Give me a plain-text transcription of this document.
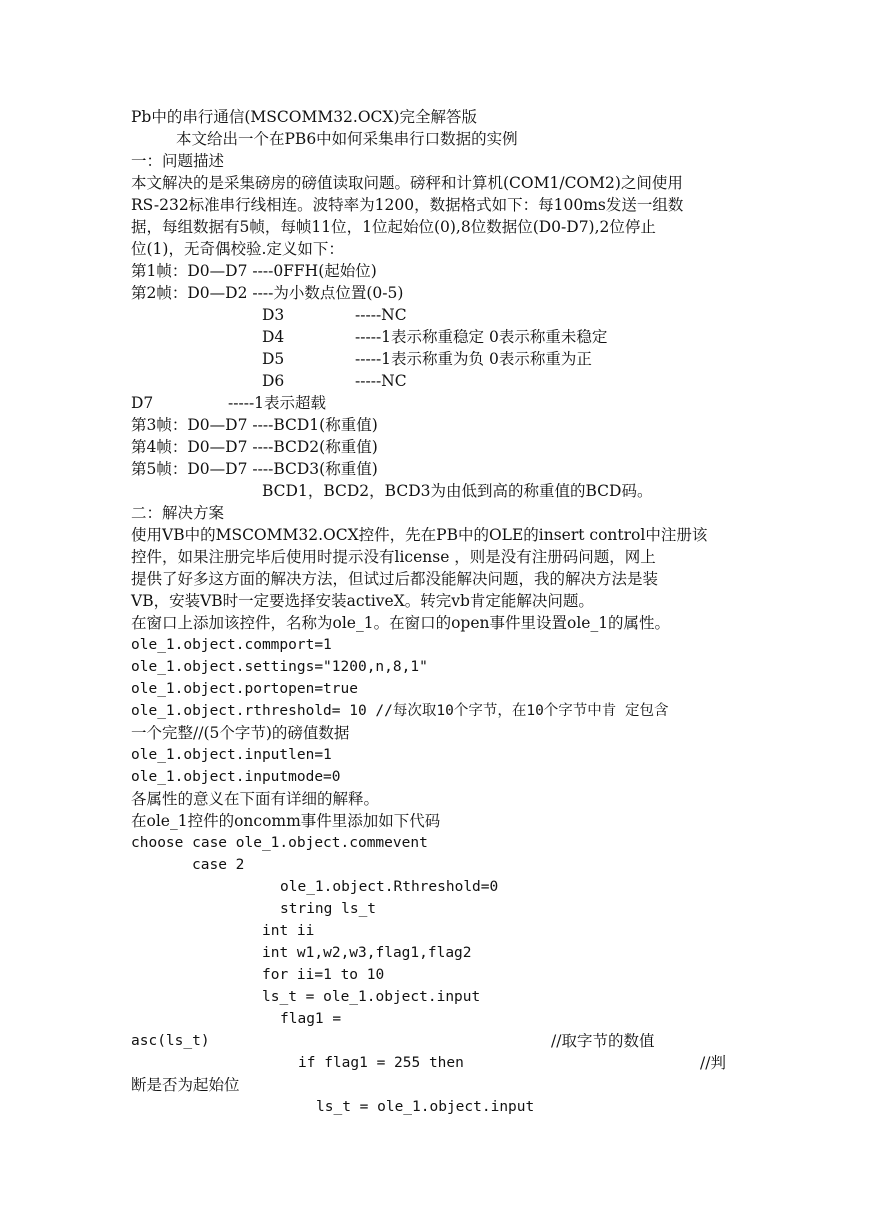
Pb中的串行通信(MSCOMM32.OCX)完全解答版
本文给出一个在PB6中如何采集串行口数据的实例
一：问题描述
本文解决的是采集磅房的磅值读取问题。磅秤和计算机(COM1/COM2)之间使用
RS-232标准串行线相连。波特率为1200，数据格式如下：每100ms发送一组数
据，每组数据有5帧，每帧11位，1位起始位(0),8位数据位(D0-D7),2位停止
位(1)，无奇偶校验.定义如下：
第1帧：D0—D7 ----0FFH(起始位)
第2帧：D0—D2 ----为小数点位置(0-5)
D3	-----NC
D4	-----1表示称重稳定 0表示称重未稳定
D5	-----1表示称重为负 0表示称重为正
D6	-----NC
D7	-----1表示超载
第3帧：D0—D7 ----BCD1(称重值)
第4帧：D0—D7 ----BCD2(称重值)
第5帧：D0—D7 ----BCD3(称重值)
BCD1，BCD2，BCD3为由低到高的称重值的BCD码。
二：解决方案
使用VB中的MSCOMM32.OCX控件，先在PB中的OLE的insert control中注册该
控件，如果注册完毕后使用时提示没有license ，则是没有注册码问题，网上
提供了好多这方面的解决方法，但试过后都没能解决问题，我的解决方法是装
VB，安装VB时一定要选择安装activeX。转完vb肯定能解决问题。
在窗口上添加该控件，名称为ole_1。在窗口的open事件里设置ole_1的属性。
ole_1.object.commport=1
ole_1.object.settings="1200,n,8,1"
ole_1.object.portopen=true
ole_1.object.rthreshold= 10 //每次取10个字节，在10个字节中肯 定包含
一个完整//(5个字节)的磅值数据
ole_1.object.inputlen=1
ole_1.object.inputmode=0
各属性的意义在下面有详细的解释。
在ole_1控件的oncomm事件里添加如下代码
choose case ole_1.object.commevent
case 2
ole_1.object.Rthreshold=0
string ls_t
int ii
int w1,w2,w3,flag1,flag2
for ii=1 to 10
ls_t = ole_1.object.input
flag1 =
asc(ls_t)	//取字节的数值
if flag1 = 255 then	//判
断是否为起始位
ls_t = ole_1.object.input
